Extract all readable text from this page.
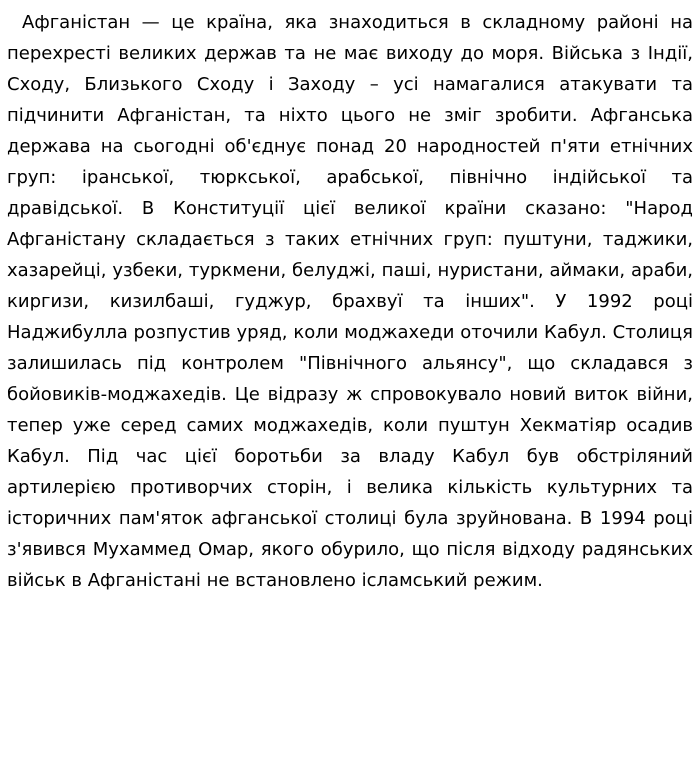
Афганістан — це країна, яка знаходиться в складному районі на перехресті великих держав та не має виходу до моря. Війська з Індії, Сходу, Близького Сходу і Заходу – усі намагалися атакувати та підчинити Афганістан, та ніхто цього не зміг зробити. Афганська держава на сьогодні об'єднує понад 20 народностей п'яти етнічних груп: іранської, тюркської, арабської, північно індійської та дравідської. В Конституції цієї великої країни сказано: "Народ Афганістану складається з таких етнічних груп: пуштуни, таджики, хазарейці, узбеки, туркмени, белуджі, паші, нуристани, аймаки, араби, киргизи, кизилбаші, гуджур, брахвуї та інших". У 1992 році Наджибулла розпустив уряд, коли моджахеди оточили Кабул. Столиця залишилась під контролем "Північного альянсу", що складався з бойовиків-моджахедів. Це відразу ж спровокувало новий виток війни, тепер уже серед самих моджахедів, коли пуштун Хекматіяр осадив Кабул. Під час цієї боротьби за владу Кабул був обстріляний артилерією противорчих сторін, і велика кількість культурних та історичних пам'яток афганської столиці була зруйнована. В 1994 році з'явився Мухаммед Омар, якого обурило, що після відходу радянських військ в Афганістані не встановлено ісламський режим.
